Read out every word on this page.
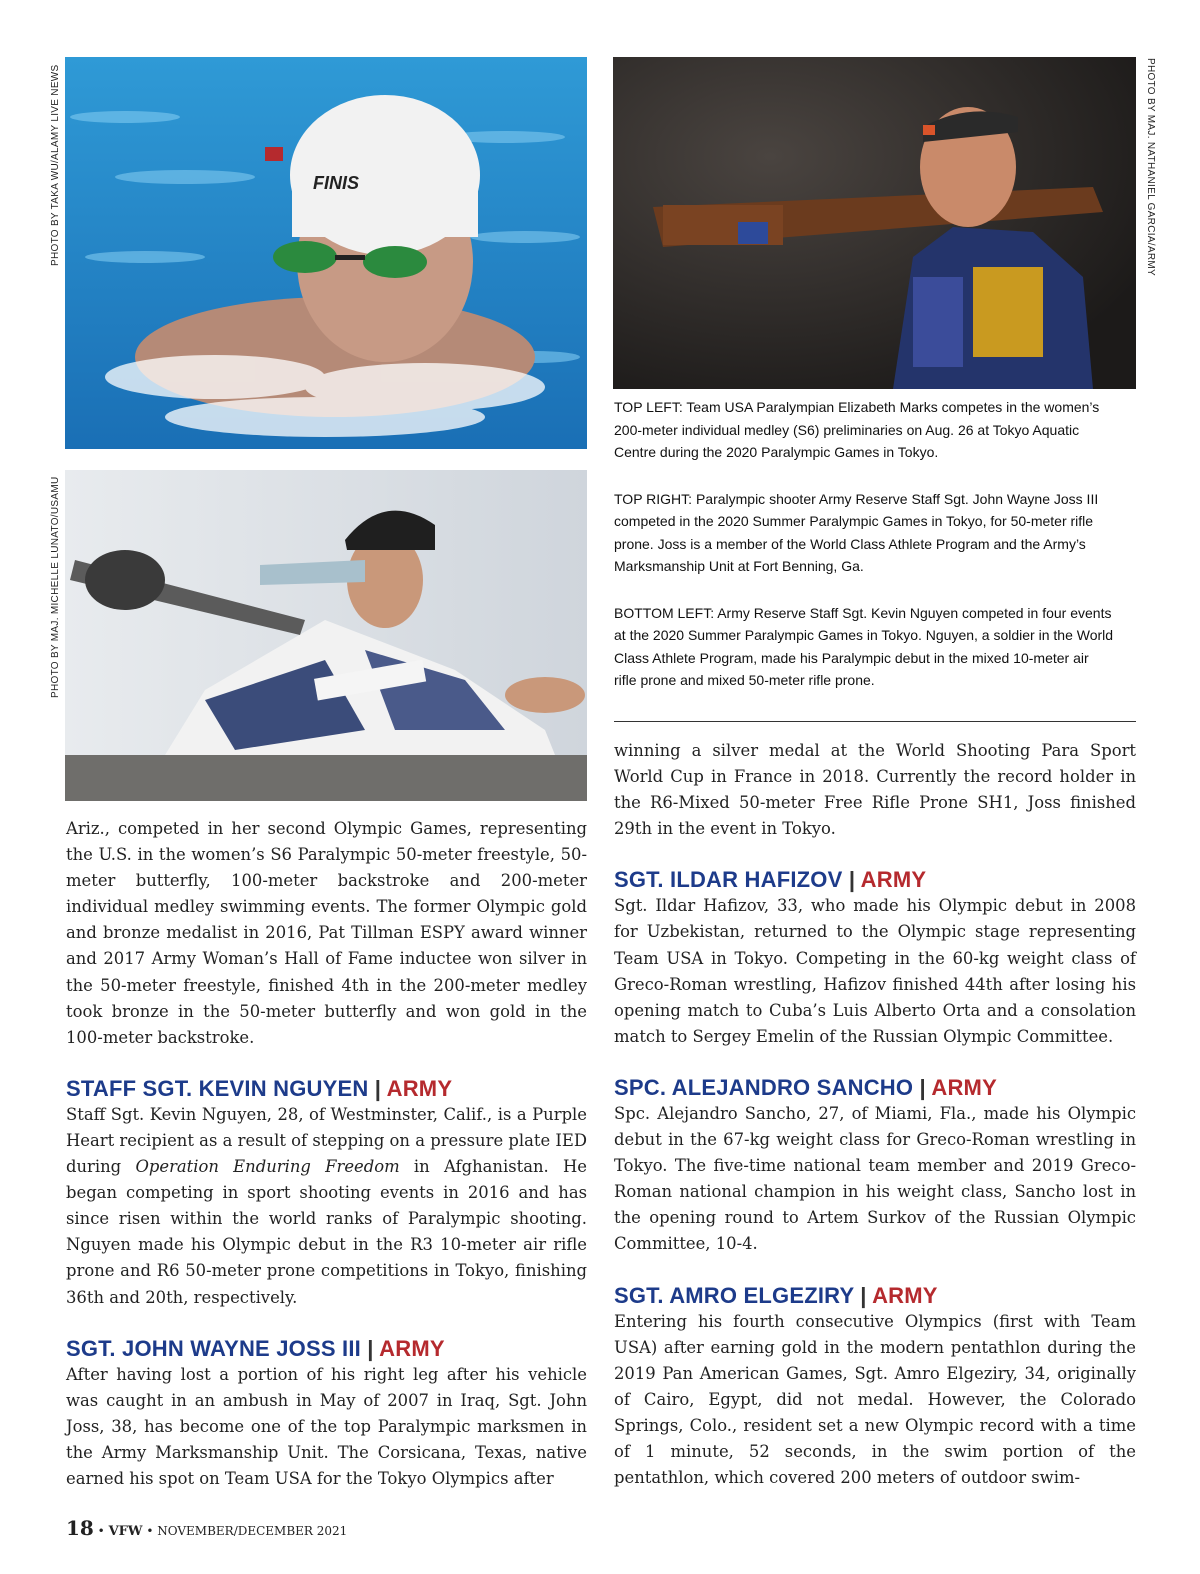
FINIS
PHOTO BY TAKA WU/ALAMY LIVE NEWS	PHOTO BY MAJ. NATHANIEL GARCIA/ARMY
PHOTO BY MAJ. MICHELLE LUNATO/USAMU

TOP LEFT: Team USA Paralympian Elizabeth Marks competes in the women’s 200-meter individual medley (S6) preliminaries on Aug. 26 at Tokyo Aquatic Centre during the 2020 Paralympic Games in Tokyo.

TOP RIGHT: Paralympic shooter Army Reserve Staff Sgt. John Wayne Joss III competed in the 2020 Summer Paralympic Games in Tokyo, for 50-meter rifle prone. Joss is a member of the World Class Athlete Program and the Army’s Marksmanship Unit at Fort Benning, Ga.

BOTTOM LEFT: Army Reserve Staff Sgt. Kevin Nguyen competed in four events at the 2020 Summer Paralympic Games in Tokyo. Nguyen, a soldier in the World Class Athlete Program, made his Paralympic debut in the mixed 10-meter air rifle prone and mixed 50-meter rifle prone.

Ariz., competed in her second Olympic Games, representing the U.S. in the women’s S6 Paralympic 50-meter freestyle, 50-meter butterfly, 100-meter backstroke and 200-meter individual medley swimming events. The former Olympic gold and bronze medalist in 2016, Pat Tillman ESPY award winner and 2017 Army Woman’s Hall of Fame inductee won silver in the 50-meter freestyle, finished 4th in the 200-meter medley took bronze in the 50-meter butterfly and won gold in the 100-meter backstroke.

STAFF SGT. KEVIN NGUYEN | ARMY

Staff Sgt. Kevin Nguyen, 28, of Westminster, Calif., is a Purple Heart recipient as a result of stepping on a pressure plate IED during Operation Enduring Freedom in Afghanistan. He began competing in sport shooting events in 2016 and has since risen within the world ranks of Paralympic shooting. Nguyen made his Olympic debut in the R3 10-meter air rifle prone and R6 50-meter prone competitions in Tokyo, finishing 36th and 20th, respectively.

SGT. JOHN WAYNE JOSS III | ARMY

After having lost a portion of his right leg after his vehicle was caught in an ambush in May of 2007 in Iraq, Sgt. John Joss, 38, has become one of the top Paralympic marksmen in the Army Marksmanship Unit. The Corsicana, Texas, native earned his spot on Team USA for the Tokyo Olympics after

winning a silver medal at the World Shooting Para Sport World Cup in France in 2018. Currently the record holder in the R6-Mixed 50-meter Free Rifle Prone SH1, Joss finished 29th in the event in Tokyo.

SGT. ILDAR HAFIZOV | ARMY

Sgt. Ildar Hafizov, 33, who made his Olympic debut in 2008 for Uzbekistan, returned to the Olympic stage representing Team USA in Tokyo. Competing in the 60-kg weight class of Greco-Roman wrestling, Hafizov finished 44th after losing his opening match to Cuba’s Luis Alberto Orta and a consolation match to Sergey Emelin of the Russian Olympic Committee.

SPC. ALEJANDRO SANCHO | ARMY

Spc. Alejandro Sancho, 27, of Miami, Fla., made his Olympic debut in the 67-kg weight class for Greco-Roman wrestling in Tokyo. The five-time national team member and 2019 Greco-Roman national champion in his weight class, Sancho lost in the opening round to Artem Surkov of the Russian Olympic Committee, 10-4.

SGT. AMRO ELGEZIRY | ARMY

Entering his fourth consecutive Olympics (first with Team USA) after earning gold in the modern pentathlon during the 2019 Pan American Games, Sgt. Amro Elgeziry, 34, originally of Cairo, Egypt, did not medal. However, the Colorado Springs, Colo., resident set a new Olympic record with a time of 1 minute, 52 seconds, in the swim portion of the pentathlon, which covered 200 meters of outdoor swim-

18 • VFW • NOVEMBER/DECEMBER 2021
